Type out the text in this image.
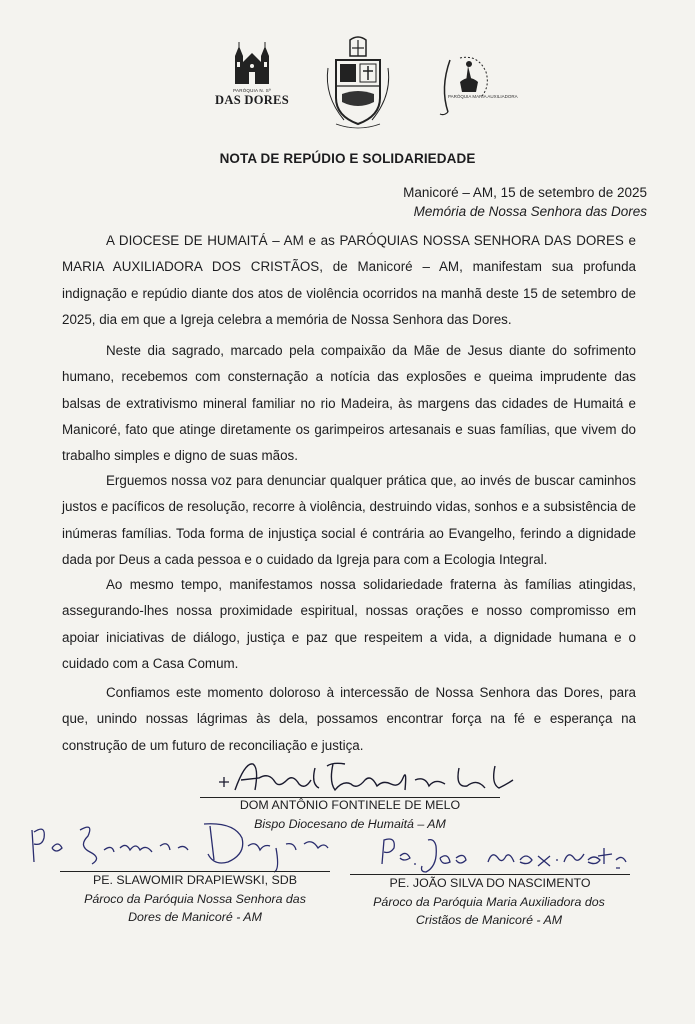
PARÓQUIA N. Sª
DAS DORES	PARÓQUIA MARIA AUXILIADORA
NOTA DE REPÚDIO E SOLIDARIEDADE
Manicoré – AM, 15 de setembro de 2025
Memória de Nossa Senhora das Dores

A DIOCESE DE HUMAITÁ – AM e as PARÓQUIAS NOSSA SENHORA DAS DORES e MARIA AUXILIADORA DOS CRISTÃOS, de Manicoré – AM, manifestam sua profunda indignação e repúdio diante dos atos de violência ocorridos na manhã deste 15 de setembro de 2025, dia em que a Igreja celebra a memória de Nossa Senhora das Dores.

Neste dia sagrado, marcado pela compaixão da Mãe de Jesus diante do sofrimento humano, recebemos com consternação a notícia das explosões e queima imprudente das balsas de extrativismo mineral familiar no rio Madeira, às margens das cidades de Humaitá e Manicoré, fato que atinge diretamente os garimpeiros artesanais e suas famílias, que vivem do trabalho simples e digno de suas mãos.

Erguemos nossa voz para denunciar qualquer prática que, ao invés de buscar caminhos justos e pacíficos de resolução, recorre à violência, destruindo vidas, sonhos e a subsistência de inúmeras famílias. Toda forma de injustiça social é contrária ao Evangelho, ferindo a dignidade dada por Deus a cada pessoa e o cuidado da Igreja para com a Ecologia Integral.

Ao mesmo tempo, manifestamos nossa solidariedade fraterna às famílias atingidas, assegurando-lhes nossa proximidade espiritual, nossas orações e nosso compromisso em apoiar iniciativas de diálogo, justiça e paz que respeitem a vida, a dignidade humana e o cuidado com a Casa Comum.

Confiamos este momento doloroso à intercessão de Nossa Senhora das Dores, para que, unindo nossas lágrimas às dela, possamos encontrar força na fé e esperança na construção de um futuro de reconciliação e justiça.

DOM ANTÔNIO FONTINELE DE MELO
Bispo Diocesano de Humaitá – AM
PE. SLAWOMIR DRAPIEWSKI, SDB
Pároco da Paróquia Nossa Senhora das Dores de Manicoré - AM
PE. JOÃO SILVA DO NASCIMENTO
Pároco da Paróquia Maria Auxiliadora dos Cristãos de Manicoré - AM
